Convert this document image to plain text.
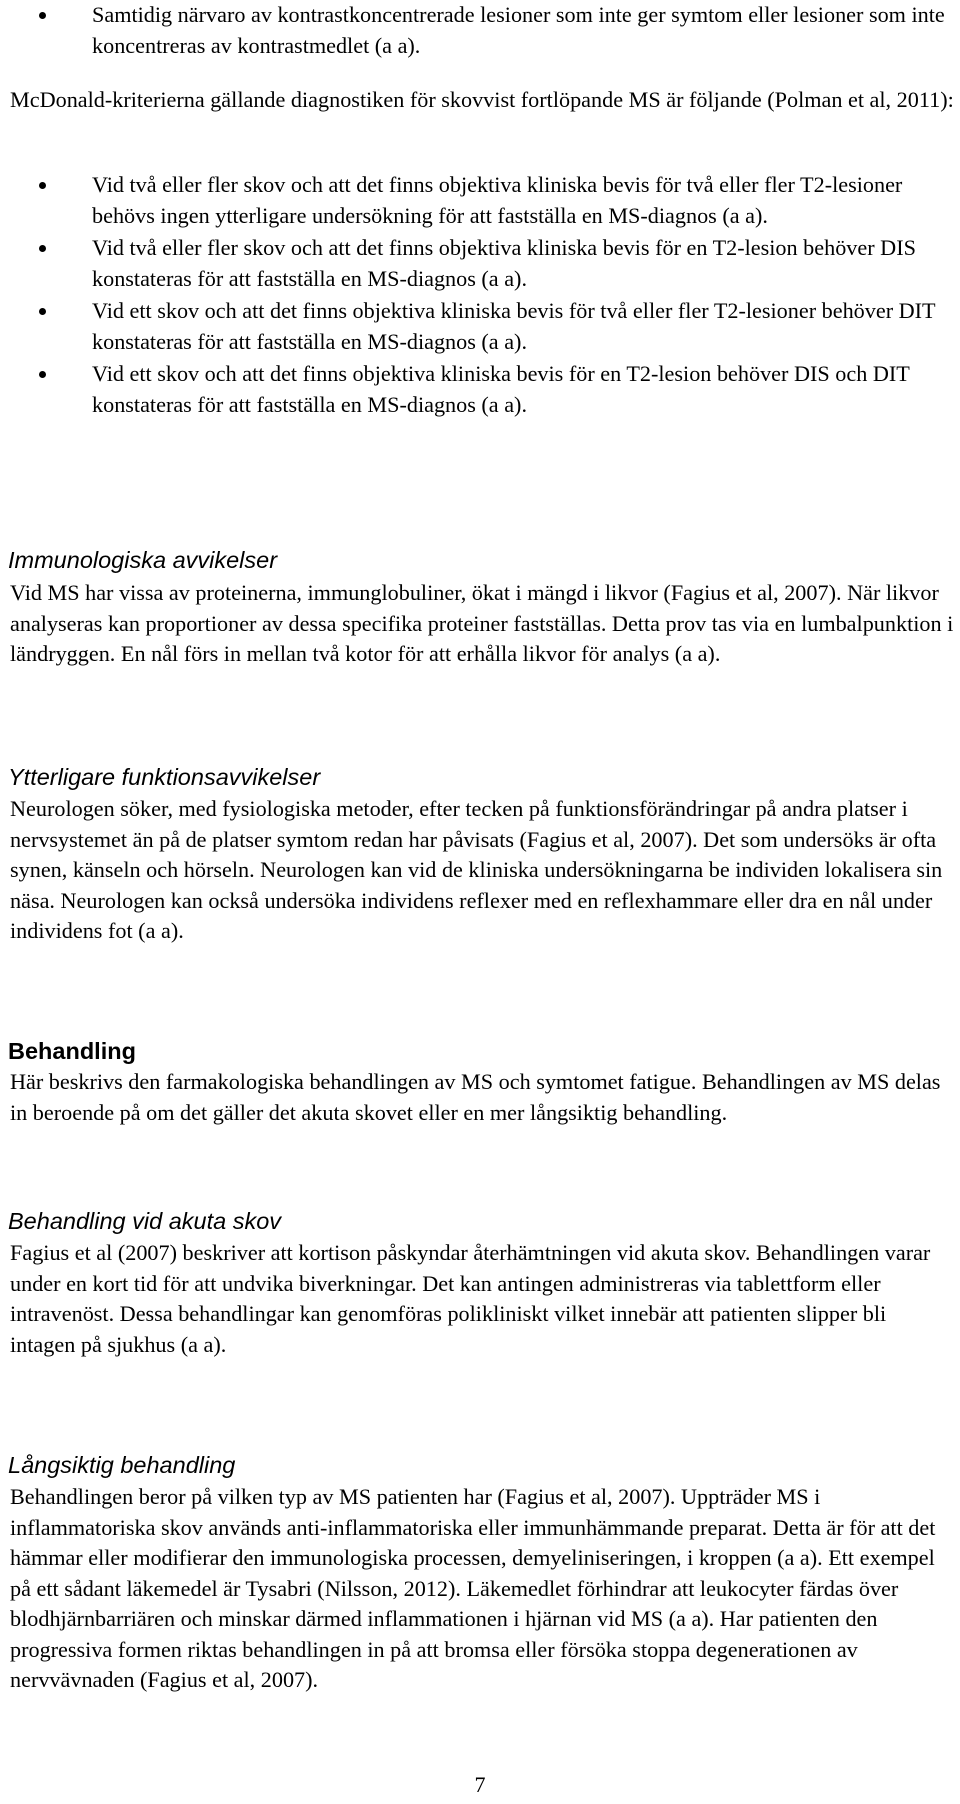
Samtidig närvaro av kontrastkoncentrerade lesioner som inte ger symtom eller lesioner som inte koncentreras av kontrastmedlet (a a).
McDonald-kriterierna gällande diagnostiken för skovvist fortlöpande MS är följande (Polman et al, 2011):
Vid två eller fler skov och att det finns objektiva kliniska bevis för två eller fler T2-lesioner behövs ingen ytterligare undersökning för att fastställa en MS-diagnos (a a).
Vid två eller fler skov och att det finns objektiva kliniska bevis för en T2-lesion behöver DIS konstateras för att fastställa en MS-diagnos (a a).
Vid ett skov och att det finns objektiva kliniska bevis för två eller fler T2-lesioner behöver DIT konstateras för att fastställa en MS-diagnos (a a).
Vid ett skov och att det finns objektiva kliniska bevis för en T2-lesion behöver DIS och DIT konstateras för att fastställa en MS-diagnos (a a).
Immunologiska avvikelser
Vid MS har vissa av proteinerna, immunglobuliner, ökat i mängd i likvor (Fagius et al, 2007). När likvor analyseras kan proportioner av dessa specifika proteiner fastställas. Detta prov tas via en lumbalpunktion i ländryggen. En nål förs in mellan två kotor för att erhålla likvor för analys (a a).
Ytterligare funktionsavvikelser
Neurologen söker, med fysiologiska metoder, efter tecken på funktionsförändringar på andra platser i nervsystemet än på de platser symtom redan har påvisats (Fagius et al, 2007). Det som undersöks är ofta synen, känseln och hörseln. Neurologen kan vid de kliniska undersökningarna be individen lokalisera sin näsa. Neurologen kan också undersöka individens reflexer med en reflexhammare eller dra en nål under individens fot (a a).
Behandling
Här beskrivs den farmakologiska behandlingen av MS och symtomet fatigue. Behandlingen av MS delas in beroende på om det gäller det akuta skovet eller en mer långsiktig behandling.
Behandling vid akuta skov
Fagius et al (2007) beskriver att kortison påskyndar återhämtningen vid akuta skov. Behandlingen varar under en kort tid för att undvika biverkningar. Det kan antingen administreras via tablettform eller intravenöst. Dessa behandlingar kan genomföras polikliniskt vilket innebär att patienten slipper bli intagen på sjukhus (a a).
Långsiktig behandling
Behandlingen beror på vilken typ av MS patienten har (Fagius et al, 2007). Uppträder MS i inflammatoriska skov används anti-inflammatoriska eller immunhämmande preparat. Detta är för att det hämmar eller modifierar den immunologiska processen, demyeliniseringen, i kroppen (a a). Ett exempel på ett sådant läkemedel är Tysabri (Nilsson, 2012). Läkemedlet förhindrar att leukocyter färdas över blodhjärnbarriären och minskar därmed inflammationen i hjärnan vid MS (a a). Har patienten den progressiva formen riktas behandlingen in på att bromsa eller försöka stoppa degenerationen av nervvävnaden (Fagius et al, 2007).
7
